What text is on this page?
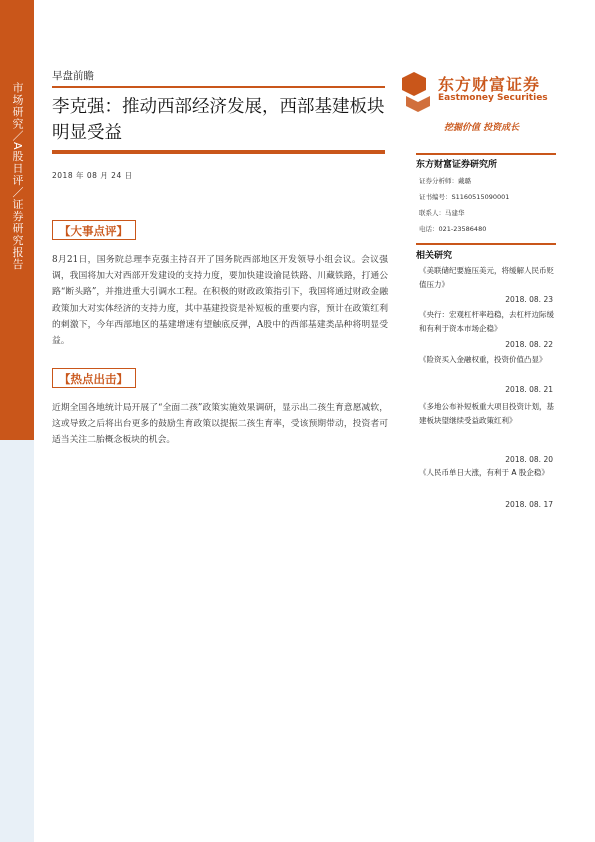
市场研究／A股日评／证券研究报告
早盘前瞻
李克强：推动西部经济发展，西部基建板块明显受益
2018 年 08 月 24 日
东方财富证券
Eastmoney Securities
挖掘价值 投资成长
东方财富证券研究所
证券分析师：戴璐
证书编号：S1160515090001
联系人：马建华
电话：021-23586480
相关研究
《美联储纪要施压美元，将缓解人民币贬值压力》
2018. 08. 23
《央行：宏观杠杆率趋稳，去杠杆边际缓和有利于资本市场企稳》
2018. 08. 22
《险资买入金融权重，投资价值凸显》
2018. 08. 21
《多地公布补短板重大项目投资计划，基建板块望继续受益政策红利》
2018. 08. 20
《人民币单日大涨，有利于 A 股企稳》
2018. 08. 17
【大事点评】
8月21日，国务院总理李克强主持召开了国务院西部地区开发领导小组会议。会议强调，我国将加大对西部开发建设的支持力度，要加快建设渝昆铁路、川藏铁路，打通公路“断头路”，并推进重大引调水工程。在积极的财政政策指引下，我国将通过财政金融政策加大对实体经济的支持力度，其中基建投资是补短板的重要内容，预计在政策红利的刺激下，今年西部地区的基建增速有望触底反弹，A股中的西部基建类品种将明显受益。
【热点出击】
近期全国各地统计局开展了“全面二孩”政策实施效果调研，显示出二孩生育意愿减软，这或导致之后将出台更多的鼓励生育政策以提振二孩生育率，受该预期带动，投资者可适当关注二胎概念板块的机会。
